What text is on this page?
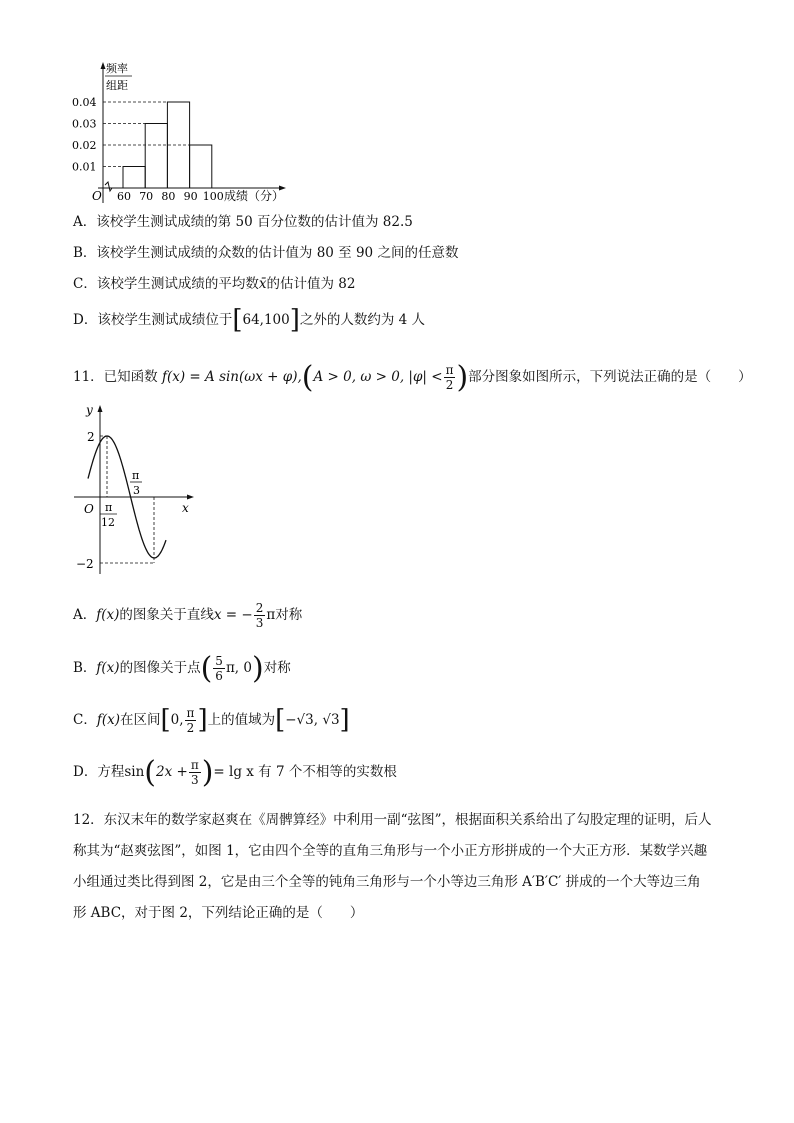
频率
组距
O	成绩（分）
0.04
0.03
0.02
0.01
60 70 80 90 100
A．该校学生测试成绩的第 50 百分位数的估计值为 82.5
B．该校学生测试成绩的众数的估计值为 80 至 90 之间的任意数
C．该校学生测试成绩的平均数x̄的估计值为 82
D．该校学生测试成绩位于[64,100]之外的人数约为 4 人
11．已知函数 f(x) = A sin(ωx + φ),(A > 0, ω > 0, $|\varphi| < \frac{\pi}{2}$ )部分图象如图所示，下列说法正确的是（　　）
y
x
O
2
−2
π
12
π
3
A．f(x)的图象关于直线x = − $\frac{2}{3}$ π对称
B．f(x)的图像关于点( $\frac{5}{6} \pi$, 0)对称
C．f(x)在区间[0, $\frac{\pi}{2}$ ]上的值域为[−√3, √3]
D．方程$\sin(2x + \frac{\pi}{3}$ )= lg x 有 7 个不相等的实数根
12．东汉末年的数学家赵爽在《周髀算经》中利用一副“弦图”，根据面积关系给出了勾股定理的证明，后人
称其为“赵爽弦图”，如图 1，它由四个全等的直角三角形与一个小正方形拼成的一个大正方形．某数学兴趣
小组通过类比得到图 2，它是由三个全等的钝角三角形与一个小等边三角形 A′B′C′ 拼成的一个大等边三角
形 ABC，对于图 2，下列结论正确的是（　　）
